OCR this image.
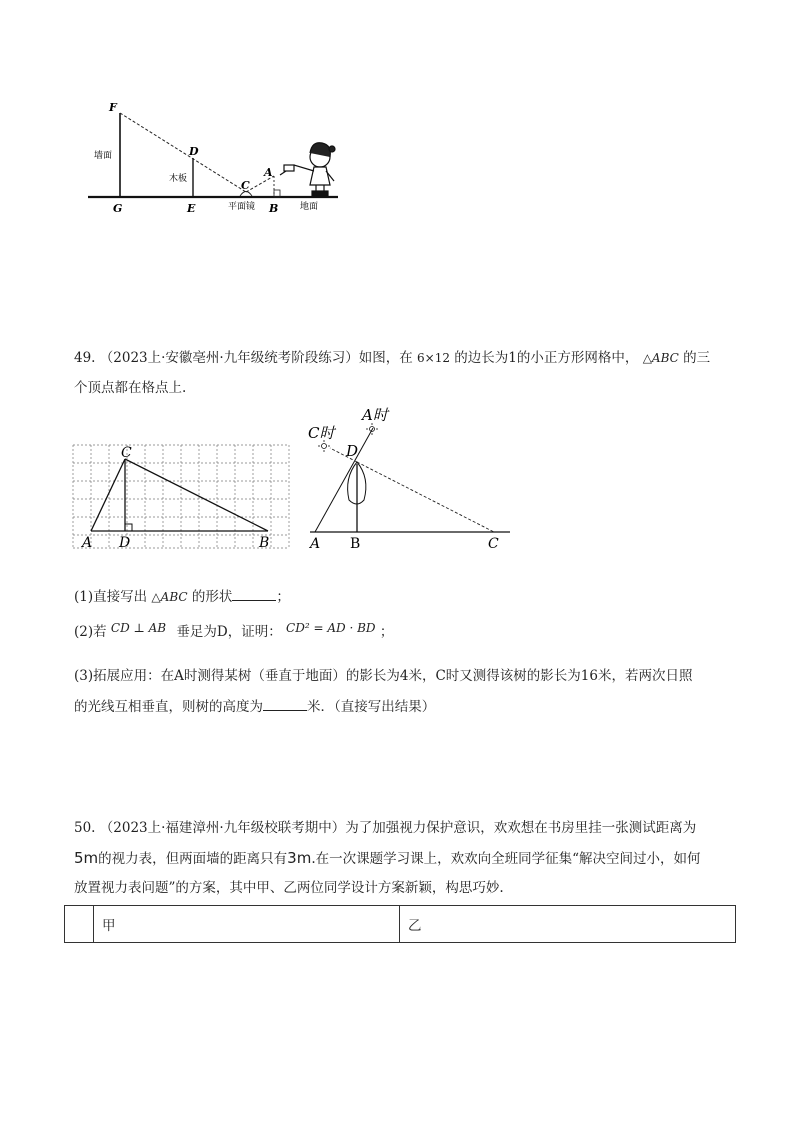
F
D
A
C
G	E	B
墙面
木板
平面镜	地面
49. （2023上·安徽亳州·九年级统考阶段练习）如图，在 6×12 的边长为1的小正方形网格中， △ABC 的三
个顶点都在格点上.
C
A D	B
C时
A时
D
A B	C
(1)直接写出 △ABC 的形状	；
(2)若 CD ⊥ AB 垂足为D，证明： CD² = AD · BD ；
(3)拓展应用：在A时测得某树（垂直于地面）的影长为4米，C时又测得该树的影长为16米，若两次日照
的光线互相垂直，则树的高度为	米．（直接写出结果）
50. （2023上·福建漳州·九年级校联考期中）为了加强视力保护意识，欢欢想在书房里挂一张测试距离为
5m的视力表，但两面墙的距离只有3m.在一次课题学习课上，欢欢向全班同学征集“解决空间过小，如何
放置视力表问题”的方案，其中甲、乙两位同学设计方案新颖，构思巧妙.
	甲	乙
